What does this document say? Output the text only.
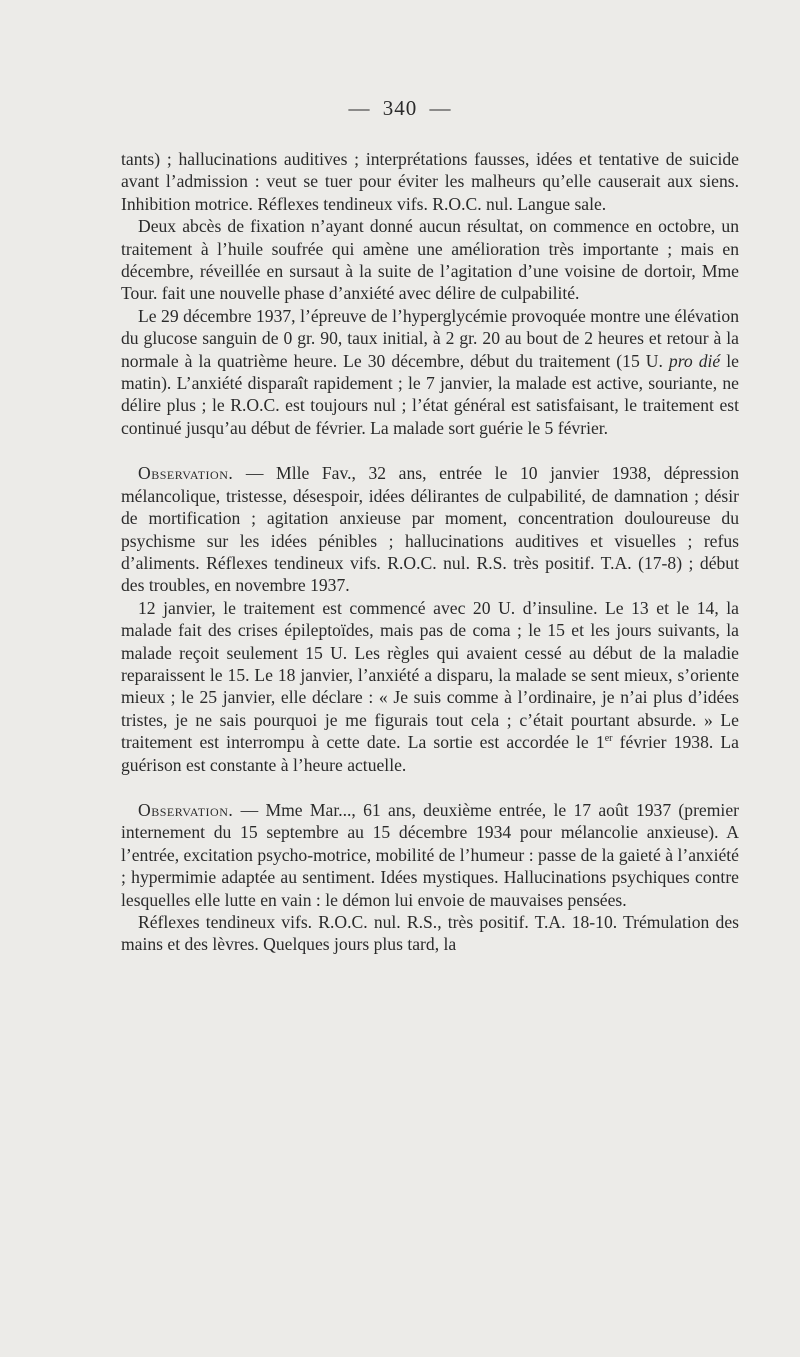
— 340 —

tants) ; hallucinations auditives ; interprétations fausses, idées et tentative de suicide avant l’admission : veut se tuer pour éviter les malheurs qu’elle causerait aux siens. Inhibition motrice. Réflexes tendineux vifs. R.O.C. nul. Langue sale.

Deux abcès de fixation n’ayant donné aucun résultat, on commence en octobre, un traitement à l’huile soufrée qui amène une amélioration très importante ; mais en décembre, réveillée en sursaut à la suite de l’agitation d’une voisine de dortoir, Mme Tour. fait une nouvelle phase d’anxiété avec délire de culpabilité.

Le 29 décembre 1937, l’épreuve de l’hyperglycémie provoquée montre une élévation du glucose sanguin de 0 gr. 90, taux initial, à 2 gr. 20 au bout de 2 heures et retour à la normale à la quatrième heure. Le 30 décembre, début du traitement (15 U. pro dié le matin). L’anxiété disparaît rapidement ; le 7 janvier, la malade est active, souriante, ne délire plus ; le R.O.C. est toujours nul ; l’état général est satisfaisant, le traitement est continué jusqu’au début de février. La malade sort guérie le 5 février.

Observation. — Mlle Fav., 32 ans, entrée le 10 janvier 1938, dépression mélancolique, tristesse, désespoir, idées délirantes de culpabilité, de damnation ; désir de mortification ; agitation anxieuse par moment, concentration douloureuse du psychisme sur les idées pénibles ; hallucinations auditives et visuelles ; refus d’aliments. Réflexes tendineux vifs. R.O.C. nul. R.S. très positif. T.A. (17-8) ; début des troubles, en novembre 1937.

12 janvier, le traitement est commencé avec 20 U. d’insuline. Le 13 et le 14, la malade fait des crises épileptoïdes, mais pas de coma ; le 15 et les jours suivants, la malade reçoit seulement 15 U. Les règles qui avaient cessé au début de la maladie reparaissent le 15. Le 18 janvier, l’anxiété a disparu, la malade se sent mieux, s’oriente mieux ; le 25 janvier, elle déclare : « Je suis comme à l’ordinaire, je n’ai plus d’idées tristes, je ne sais pourquoi je me figurais tout cela ; c’était pourtant absurde. » Le traitement est interrompu à cette date. La sortie est accordée le 1er février 1938. La guérison est constante à l’heure actuelle.

Observation. — Mme Mar..., 61 ans, deuxième entrée, le 17 août 1937 (premier internement du 15 septembre au 15 décembre 1934 pour mélancolie anxieuse). A l’entrée, excitation psycho-motrice, mobilité de l’humeur : passe de la gaieté à l’anxiété ; hypermimie adaptée au sentiment. Idées mystiques. Hallucinations psychiques contre lesquelles elle lutte en vain : le démon lui envoie de mauvaises pensées.

Réflexes tendineux vifs. R.O.C. nul. R.S., très positif. T.A. 18-10. Trémulation des mains et des lèvres. Quelques jours plus tard, la
